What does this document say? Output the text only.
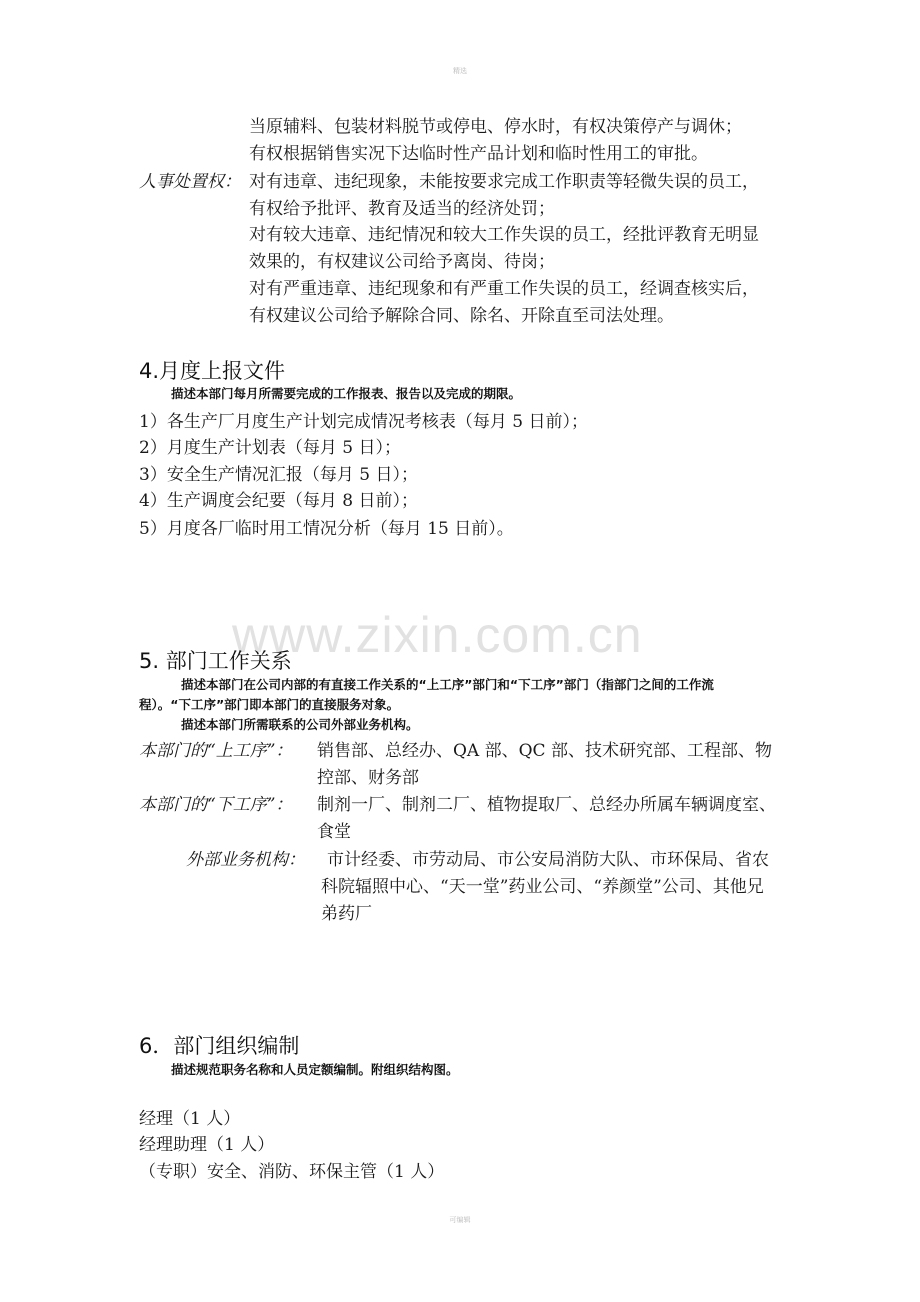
精选
www.zixin.com.cn
当原辅料、包装材料脱节或停电、停水时，有权决策停产与调休；
有权根据销售实况下达临时性产品计划和临时性用工的审批。
人事处置权： 对有违章、违纪现象，未能按要求完成工作职责等轻微失误的员工，
有权给予批评、教育及适当的经济处罚；
对有较大违章、违纪情况和较大工作失误的员工，经批评教育无明显
效果的，有权建议公司给予离岗、待岗；
对有严重违章、违纪现象和有严重工作失误的员工，经调查核实后，
有权建议公司给予解除合同、除名、开除直至司法处理。
4.月度上报文件
描述本部门每月所需要完成的工作报表、报告以及完成的期限。
1）各生产厂月度生产计划完成情况考核表（每月 5 日前）；
2）月度生产计划表（每月 5 日）；
3）安全生产情况汇报（每月 5 日）；
4）生产调度会纪要（每月 8 日前）；
5）月度各厂临时用工情况分析（每月 15 日前）。
5. 部门工作关系
描述本部门在公司内部的有直接工作关系的“上工序”部门和“下工序”部门（指部门之间的工作流
程）。“下工序”部门即本部门的直接服务对象。
描述本部门所需联系的公司外部业务机构。
本部门的“上工序”： 销售部、总经办、QA 部、QC 部、技术研究部、工程部、物
控部、财务部
本部门的“下工序”： 制剂一厂、制剂二厂、植物提取厂、总经办所属车辆调度室、
食堂
外部业务机构： 市计经委、市劳动局、市公安局消防大队、市环保局、省农
科院辐照中心、“天一堂”药业公司、“养颜堂”公司、其他兄
弟药厂
6．部门组织编制
描述规范职务名称和人员定额编制。附组织结构图。
经理（1 人）
经理助理（1 人）
（专职）安全、消防、环保主管（1 人）
可编辑
